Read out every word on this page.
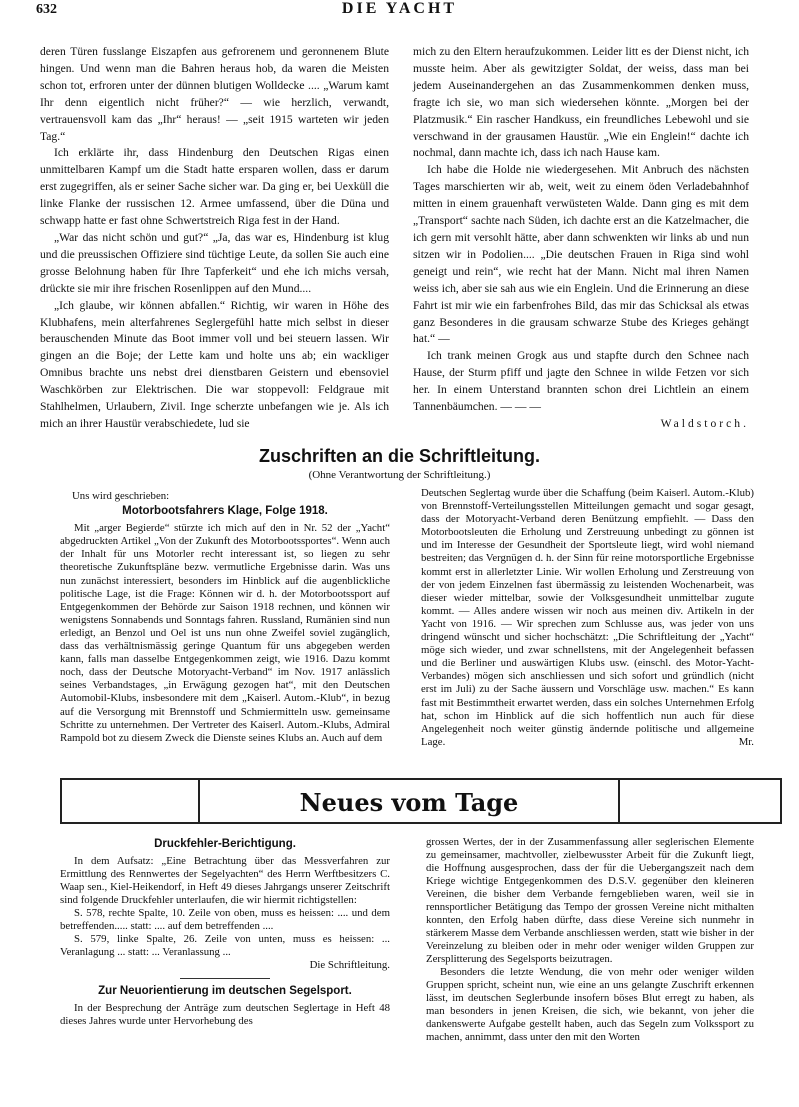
632	DIE YACHT

deren Türen fusslange Eiszapfen aus gefrorenem und geronnenem Blute hingen. Und wenn man die Bahren heraus hob, da waren die Meisten schon tot, erfroren unter der dünnen blutigen Wolldecke .... „Warum kamt Ihr denn eigentlich nicht früher?“ — wie herzlich, verwandt, vertrauensvoll kam das „Ihr“ heraus! — „seit 1915 warteten wir jeden Tag.“

Ich erklärte ihr, dass Hindenburg den Deutschen Rigas einen unmittelbaren Kampf um die Stadt hatte ersparen wollen, dass er darum erst zugegriffen, als er seiner Sache sicher war. Da ging er, bei Uexküll die linke Flanke der russischen 12. Armee umfassend, über die Düna und schwapp hatte er fast ohne Schwertstreich Riga fest in der Hand.

„War das nicht schön und gut?“ „Ja, das war es, Hindenburg ist klug und die preussischen Offiziere sind tüchtige Leute, da sollen Sie auch eine grosse Belohnung haben für Ihre Tapferkeit“ und ehe ich michs versah, drückte sie mir ihre frischen Rosenlippen auf den Mund....

„Ich glaube, wir können abfallen.“ Richtig, wir waren in Höhe des Klubhafens, mein alterfahrenes Seglergefühl hatte mich selbst in dieser berauschenden Minute das Boot immer voll und bei steuern lassen. Wir gingen an die Boje; der Lette kam und holte uns ab; ein wackliger Omnibus brachte uns nebst drei dienstbaren Geistern und ebensoviel Waschkörben zur Elektrischen. Die war stoppevoll: Feldgraue mit Stahlhelmen, Urlaubern, Zivil. Inge scherzte unbefangen wie je. Als ich mich an ihrer Haustür verabschiedete, lud sie

mich zu den Eltern heraufzukommen. Leider litt es der Dienst nicht, ich musste heim. Aber als gewitzigter Soldat, der weiss, dass man bei jedem Auseinandergehen an das Zusammenkommen denken muss, fragte ich sie, wo man sich wiedersehen könnte. „Morgen bei der Platzmusik.“ Ein rascher Handkuss, ein freundliches Lebewohl und sie verschwand in der grausamen Haustür. „Wie ein Englein!“ dachte ich nochmal, dann machte ich, dass ich nach Hause kam.

Ich habe die Holde nie wiedergesehen. Mit Anbruch des nächsten Tages marschierten wir ab, weit, weit zu einem öden Verladebahnhof mitten in einem grauenhaft verwüsteten Walde. Dann ging es mit dem „Transport“ sachte nach Süden, ich dachte erst an die Katzelmacher, die ich gern mit versohlt hätte, aber dann schwenkten wir links ab und nun sitzen wir in Podolien.... „Die deutschen Frauen in Riga sind wohl geneigt und rein“, wie recht hat der Mann. Nicht mal ihren Namen weiss ich, aber sie sah aus wie ein Englein. Und die Erinnerung an diese Fahrt ist mir wie ein farbenfrohes Bild, das mir das Schicksal als etwas ganz Besonderes in die grausam schwarze Stube des Krieges gehängt hat.“ —

Ich trank meinen Grogk aus und stapfte durch den Schnee nach Hause, der Sturm pfiff und jagte den Schnee in wilde Fetzen vor sich her. In einem Unterstand brannten schon drei Lichtlein an einem Tannenbäumchen. — — —

Waldstorch.
Zuschriften an die Schriftleitung.
(Ohne Verantwortung der Schriftleitung.)
Uns wird geschrieben:
Motorbootsfahrers Klage, Folge 1918.

Mit „arger Begierde“ stürzte ich mich auf den in Nr. 52 der „Yacht“ abgedruckten Artikel „Von der Zukunft des Motorbootssportes“. Wenn auch der Inhalt für uns Motorler recht interessant ist, so liegen zu sehr theoretische Zukunftspläne bezw. vermutliche Ergebnisse darin. Was uns nun zunächst interessiert, besonders im Hinblick auf die augenblickliche politische Lage, ist die Frage: Können wir d. h. der Motorbootssport auf Entgegenkommen der Behörde zur Saison 1918 rechnen, und können wir wenigstens Sonnabends und Sonntags fahren. Russland, Rumänien sind nun erledigt, an Benzol und Oel ist uns nun ohne Zweifel soviel zugänglich, dass das verhältnismässig geringe Quantum für uns abgegeben werden kann, falls man dasselbe Entgegenkommen zeigt, wie 1916. Dazu kommt noch, dass der Deutsche Motoryacht-Verband“ im Nov. 1917 anlässlich seines Verbandstages, „in Erwägung gezogen hat“, mit den Deutschen Automobil-Klubs, insbesondere mit dem „Kaiserl. Autom.-Klub“, in bezug auf die Versorgung mit Brennstoff und Schmiermitteln usw. gemeinsame Schritte zu unternehmen. Der Vertreter des Kaiserl. Autom.-Klubs, Admiral Rampold bot zu diesem Zweck die Dienste seines Klubs an. Auch auf dem

Deutschen Seglertag wurde über die Schaffung (beim Kaiserl. Autom.-Klub) von Brennstoff-Verteilungsstellen Mitteilungen gemacht und sogar gesagt, dass der Motoryacht-Verband deren Benützung empfiehlt. — Dass den Motorbootsleuten die Erholung und Zerstreuung unbedingt zu gönnen ist und im Interesse der Gesundheit der Sportsleute liegt, wird wohl niemand bestreiten; das Vergnügen d. h. der Sinn für reine motorsportliche Ergebnisse kommt erst in allerletzter Linie. Wir wollen Erholung und Zerstreuung von der von jedem Einzelnen fast übermässig zu leistenden Wochenarbeit, was dieser wieder mittelbar, sowie der Volksgesundheit unmittelbar zugute kommt. — Alles andere wissen wir noch aus meinen div. Artikeln in der Yacht von 1916. — Wir sprechen zum Schlusse aus, was jeder von uns dringend wünscht und sicher hochschätzt: „Die Schriftleitung der „Yacht“ möge sich wieder, und zwar schnellstens, mit der Angelegenheit befassen und die Berliner und auswärtigen Klubs usw. (einschl. des Motor-Yacht-Verbandes) mögen sich anschliessen und sich sofort und gründlich (nicht erst im Juli) zu der Sache äussern und Vorschläge usw. machen.“ Es kann fast mit Bestimmtheit erwartet werden, dass ein solches Unternehmen Erfolg hat, schon im Hinblick auf die sich hoffentlich nun auch für diese Angelegenheit noch weiter günstig ändernde politische und allgemeine Lage.	Mr.
Neues vom Tage
Druckfehler-Berichtigung.

In dem Aufsatz: „Eine Betrachtung über das Messverfahren zur Ermittlung des Rennwertes der Segelyachten“ des Herrn Werftbesitzers C. Waap sen., Kiel-Heikendorf, in Heft 49 dieses Jahrgangs unserer Zeitschrift sind folgende Druckfehler unterlaufen, die wir hiermit richtigstellen:

S. 578, rechte Spalte, 10. Zeile von oben, muss es heissen: .... und dem betreffenden..... statt: .... auf dem betreffenden ....

S. 579, linke Spalte, 26. Zeile von unten, muss es heissen: ... Veranlagung ... statt: ... Veranlassung ...

Die Schriftleitung.
Zur Neuorientierung im deutschen Segelsport.

In der Besprechung der Anträge zum deutschen Seglertage in Heft 48 dieses Jahres wurde unter Hervorhebung des

grossen Wertes, der in der Zusammenfassung aller seglerischen Elemente zu gemeinsamer, machtvoller, zielbewusster Arbeit für die Zukunft liegt, die Hoffnung ausgesprochen, dass der für die Uebergangszeit nach dem Kriege wichtige Entgegenkommen des D.S.V. gegenüber den kleineren Vereinen, die bisher dem Verbande ferngeblieben waren, weil sie in rennsportlicher Betätigung das Tempo der grossen Vereine nicht mithalten konnten, den Erfolg haben dürfte, dass diese Vereine sich nunmehr in stärkerem Masse dem Verbande anschliessen werden, statt wie bisher in der Vereinzelung zu bleiben oder in mehr oder weniger wilden Gruppen zur Zersplitterung des Segelsports beizutragen.

Besonders die letzte Wendung, die von mehr oder weniger wilden Gruppen spricht, scheint nun, wie eine an uns gelangte Zuschrift erkennen lässt, im deutschen Seglerbunde insofern böses Blut erregt zu haben, als man besonders in jenen Kreisen, die sich, wie bekannt, von jeher die dankenswerte Aufgabe gestellt haben, auch das Segeln zum Volkssport zu machen, annimmt, dass unter den mit den Worten
